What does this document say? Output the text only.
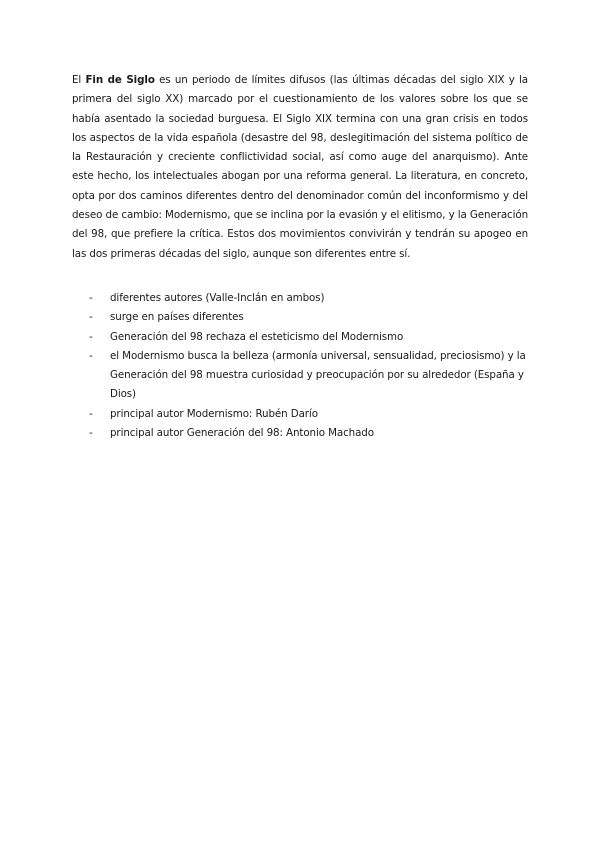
El Fin de Siglo es un periodo de límites difusos (las últimas décadas del siglo XIX y la primera del siglo XX) marcado por el cuestionamiento de los valores sobre los que se había asentado la sociedad burguesa. El Siglo XIX termina con una gran crisis en todos los aspectos de la vida española (desastre del 98, deslegitimación del sistema político de la Restauración y creciente conflictividad social, así como auge del anarquismo). Ante este hecho, los intelectuales abogan por una reforma general. La literatura, en concreto, opta por dos caminos diferentes dentro del denominador común del inconformismo y del deseo de cambio: Modernismo, que se inclina por la evasión y el elitismo, y la Generación del 98, que prefiere la crítica. Estos dos movimientos convivirán y tendrán su apogeo en las dos primeras décadas del siglo, aunque son diferentes entre sí.

- diferentes autores (Valle-Inclán en ambos)
- surge en países diferentes
- Generación del 98 rechaza el esteticismo del Modernismo
- el Modernismo busca la belleza (armonía universal, sensualidad, preciosismo) y la Generación del 98 muestra curiosidad y preocupación por su alrededor (España y Dios)
- principal autor Modernismo: Rubén Darío
- principal autor Generación del 98: Antonio Machado
